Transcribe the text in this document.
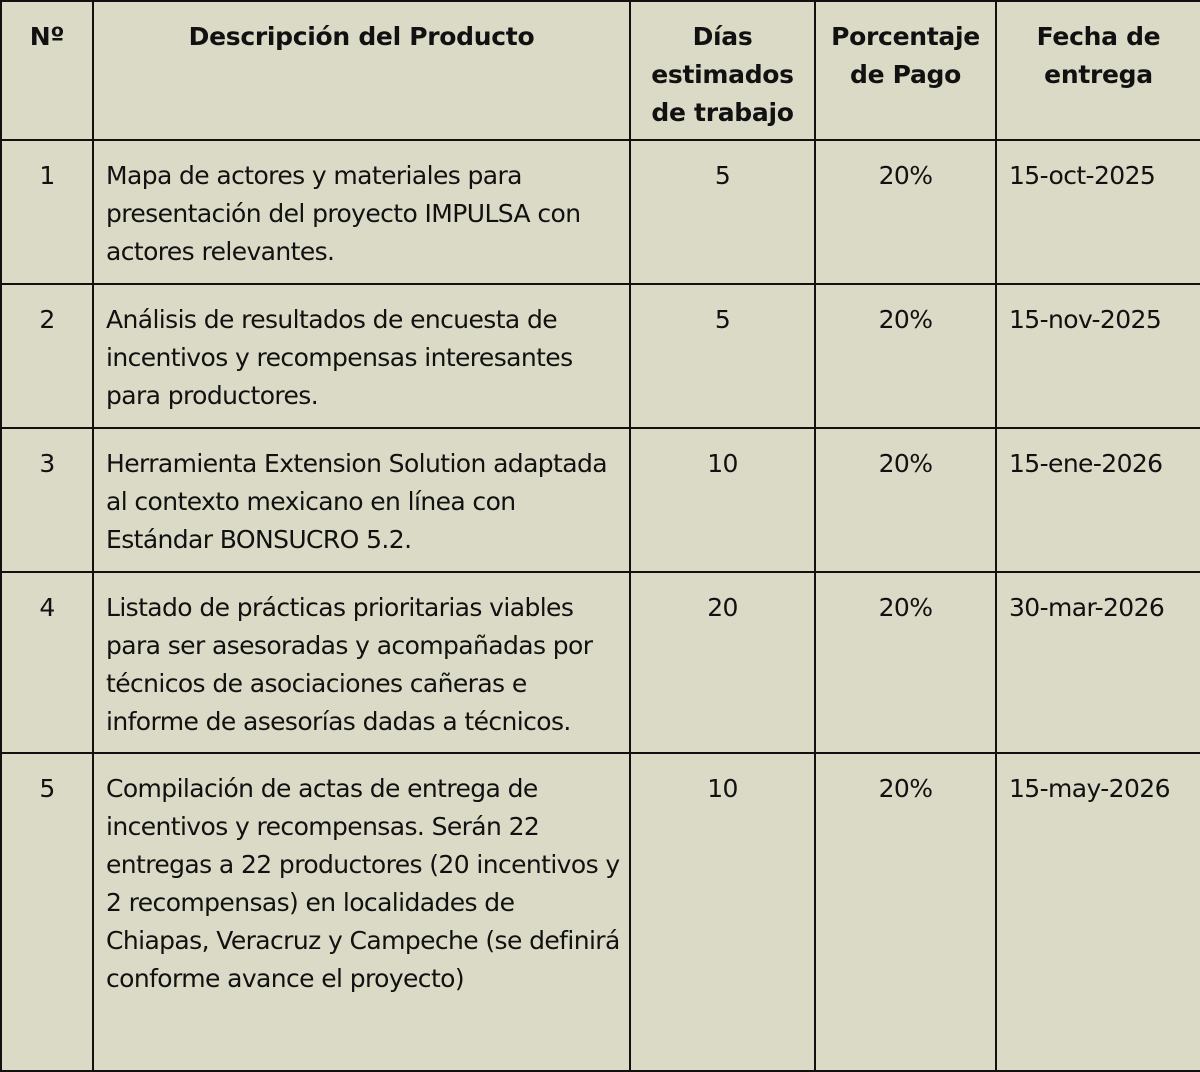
Nº	Descripción del Producto	Días estimados de trabajo	Porcentaje de Pago	Fecha de entrega
1	Mapa de actores y materiales para presentación del proyecto IMPULSA con actores relevantes.	5	20%	15-oct-2025
2	Análisis de resultados de encuesta de incentivos y recompensas interesantes para productores.	5	20%	15-nov-2025
3	Herramienta Extension Solution adaptada al contexto mexicano en línea con Estándar BONSUCRO 5.2.	10	20%	15-ene-2026
4	Listado de prácticas prioritarias viables para ser asesoradas y acompañadas por técnicos de asociaciones cañeras e informe de asesorías dadas a técnicos.	20	20%	30-mar-2026
5	Compilación de actas de entrega de incentivos y recompensas. Serán 22 entregas a 22 productores (20 incentivos y 2 recompensas) en localidades de Chiapas, Veracruz y Campeche (se definirá conforme avance el proyecto)	10	20%	15-may-2026
